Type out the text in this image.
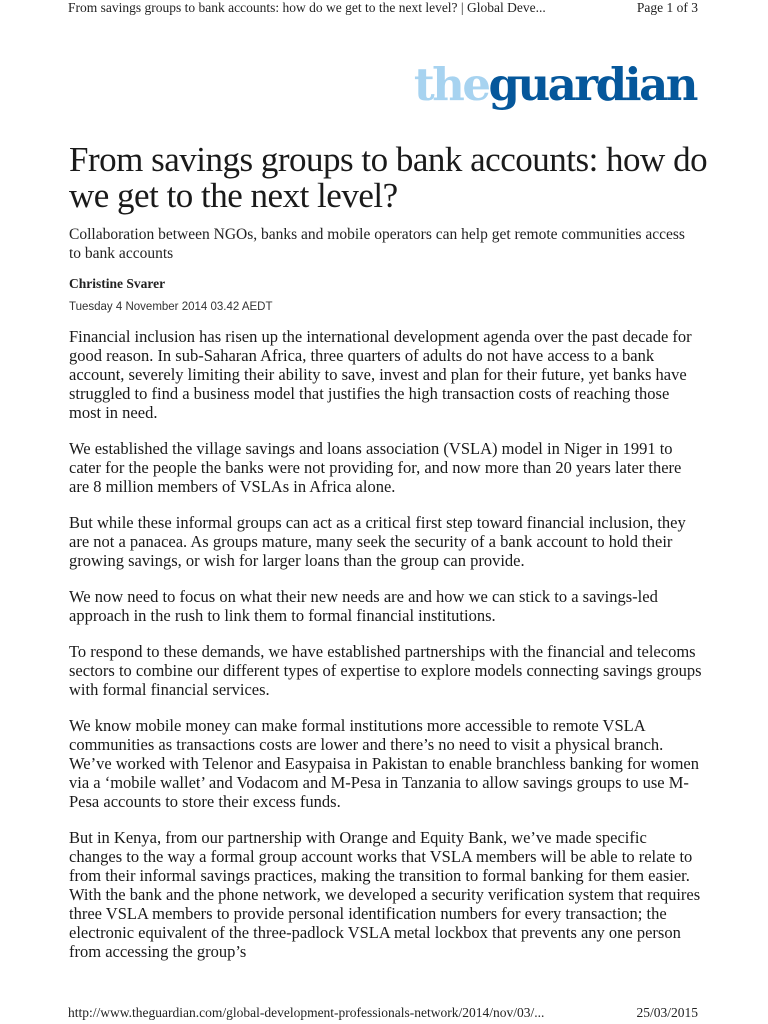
From savings groups to bank accounts: how do we get to the next level? | Global Deve...	Page 1 of 3
theguardian
From savings groups to bank accounts: how do we get to the next level?

Collaboration between NGOs, banks and mobile operators can help get remote communities access to bank accounts

Christine Svarer

Tuesday 4 November 2014 03.42 AEDT

Financial inclusion has risen up the international development agenda over the past decade for good reason. In sub-Saharan Africa, three quarters of adults do not have access to a bank account, severely limiting their ability to save, invest and plan for their future, yet banks have struggled to find a business model that justifies the high transaction costs of reaching those most in need.

We established the village savings and loans association (VSLA) model in Niger in 1991 to cater for the people the banks were not providing for, and now more than 20 years later there are 8 million members of VSLAs in Africa alone.

But while these informal groups can act as a critical first step toward financial inclusion, they are not a panacea. As groups mature, many seek the security of a bank account to hold their growing savings, or wish for larger loans than the group can provide.

We now need to focus on what their new needs are and how we can stick to a savings-led approach in the rush to link them to formal financial institutions.

To respond to these demands, we have established partnerships with the financial and telecoms sectors to combine our different types of expertise to explore models connecting savings groups with formal financial services.

We know mobile money can make formal institutions more accessible to remote VSLA communities as transactions costs are lower and there’s no need to visit a physical branch. We’ve worked with Telenor and Easypaisa in Pakistan to enable branchless banking for women via a ‘mobile wallet’ and Vodacom and M-Pesa in Tanzania to allow savings groups to use M-Pesa accounts to store their excess funds.

But in Kenya, from our partnership with Orange and Equity Bank, we’ve made specific changes to the way a formal group account works that VSLA members will be able to relate to from their informal savings practices, making the transition to formal banking for them easier. With the bank and the phone network, we developed a security verification system that requires three VSLA members to provide personal identification numbers for every transaction; the electronic equivalent of the three-padlock VSLA metal lockbox that prevents any one person from accessing the group’s

http://www.theguardian.com/global-development-professionals-network/2014/nov/03/...	25/03/2015
